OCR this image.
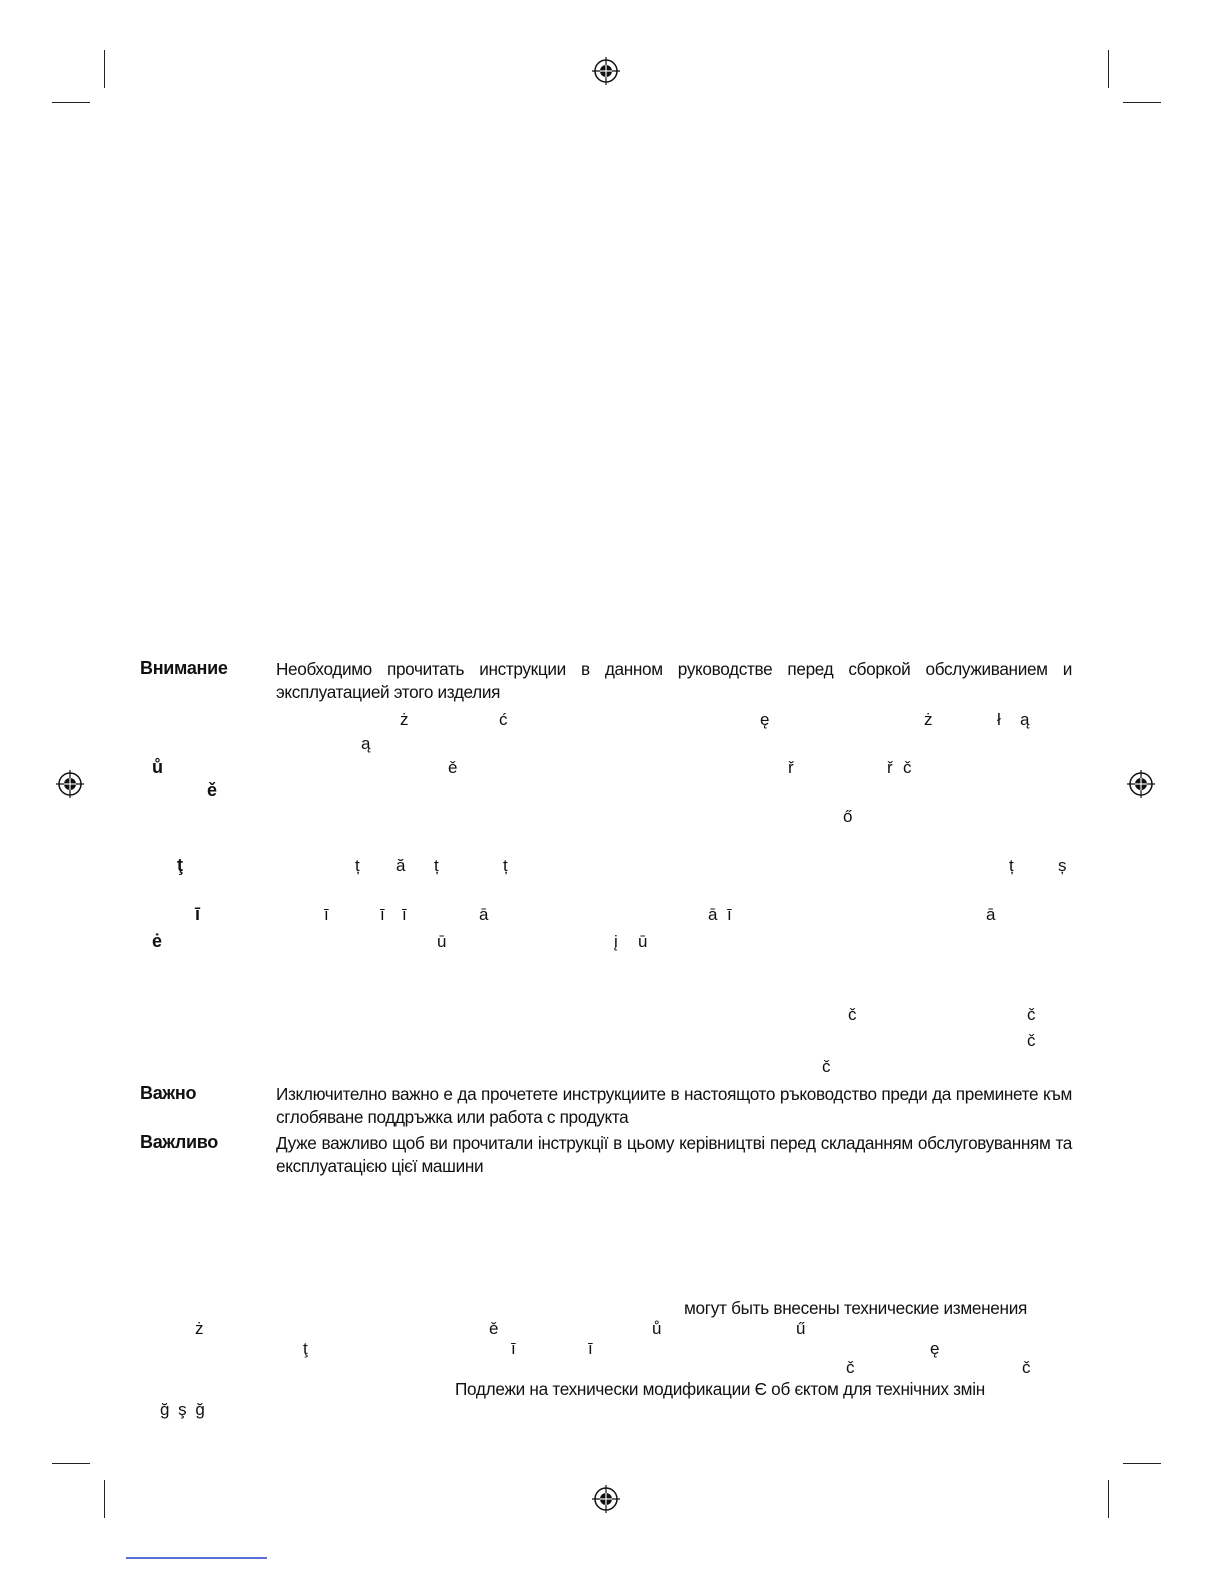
Внимание	Необходимо прочитать инструкции в данном руководстве перед сборкой обслуживанием и эксплуатацией этого изделия
ż	ć	ę	ż	ł ą
ą
ů	ě	ř	ř č
ě
ő
ţ	ț ă ț	ț	ț	ș
ī	ī	ī ī	ā	ā ī	ā
ė	ū	į ū
č	č
č
č
Важно	Изключително важно е да прочетете инструкциите в настоящото ръководство преди да преминете към сглобяване поддръжка или работа с продукта
Важливо	Дуже важливо щоб ви прочитали інструкції в цьому керівництві перед складанням обслуговуванням та експлуатацією цієї машини
могут быть внесены технические изменения
ż	ě	ů	ű
ţ	ī	ī	ę
č	č
Подлежи на технически модификации Є об єктом для технічних змін
ğ ş ğ
